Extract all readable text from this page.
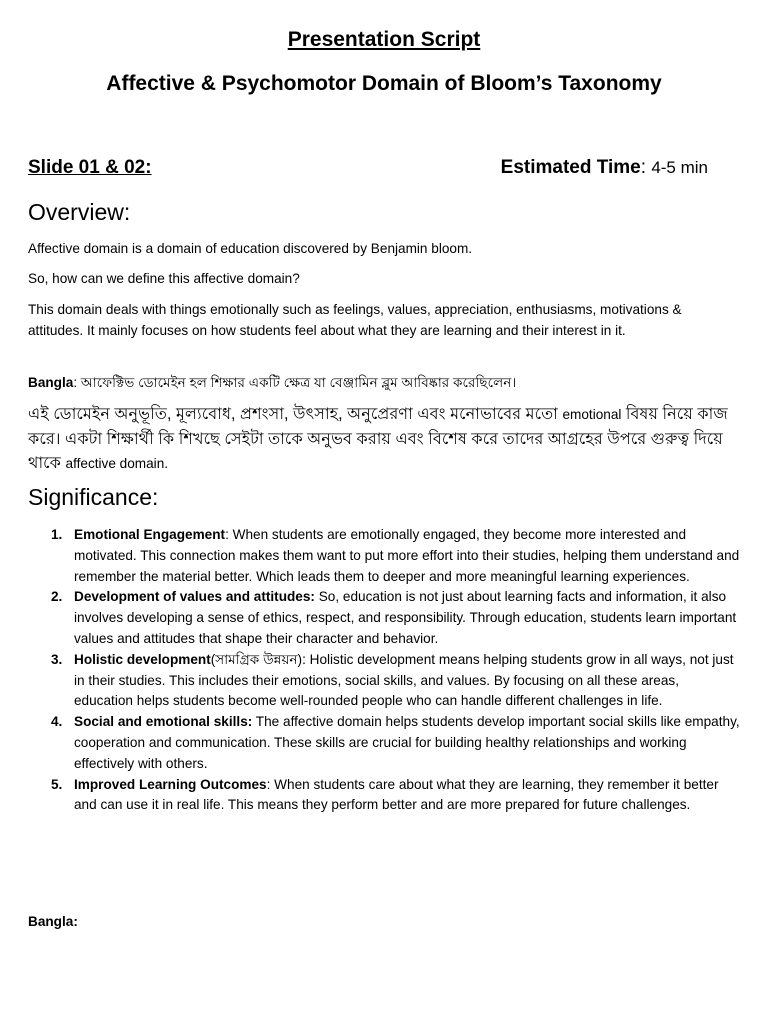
Presentation Script
Affective & Psychomotor Domain of Bloom’s Taxonomy
Slide 01 & 02:	Estimated Time: 4-5 min
Overview:
Affective domain is a domain of education discovered by Benjamin bloom.
So, how can we define this affective domain?
This domain deals with things emotionally such as feelings, values, appreciation, enthusiasms, motivations & attitudes. It mainly focuses on how students feel about what they are learning and their interest in it.
Bangla: আফেক্টিভ ডোমেইন হল শিক্ষার একটি ক্ষেত্র যা বেঞ্জামিন ব্লুম আবিষ্কার করেছিলেন।
এই ডোমেইন অনুভূতি, মূল্যবোধ, প্রশংসা, উৎসাহ, অনুপ্রেরণা এবং মনোভাবের মতো emotional বিষয় নিয়ে কাজ করে। একটা শিক্ষার্থী কি শিখছে সেইটা তাকে অনুভব করায় এবং বিশেষ করে তাদের আগ্রহের উপরে গুরুত্ব দিয়ে থাকে affective domain.
Significance:
1. Emotional Engagement: When students are emotionally engaged, they become more interested and motivated. This connection makes them want to put more effort into their studies, helping them understand and remember the material better. Which leads them to deeper and more meaningful learning experiences.
2. Development of values and attitudes: So, education is not just about learning facts and information, it also involves developing a sense of ethics, respect, and responsibility. Through education, students learn important values and attitudes that shape their character and behavior.
3. Holistic development(সামগ্রিক উন্নয়ন): Holistic development means helping students grow in all ways, not just in their studies. This includes their emotions, social skills, and values. By focusing on all these areas, education helps students become well-rounded people who can handle different challenges in life.
4. Social and emotional skills: The affective domain helps students develop important social skills like empathy, cooperation and communication. These skills are crucial for building healthy relationships and working effectively with others.
5. Improved Learning Outcomes: When students care about what they are learning, they remember it better and can use it in real life. This means they perform better and are more prepared for future challenges.
Bangla:
